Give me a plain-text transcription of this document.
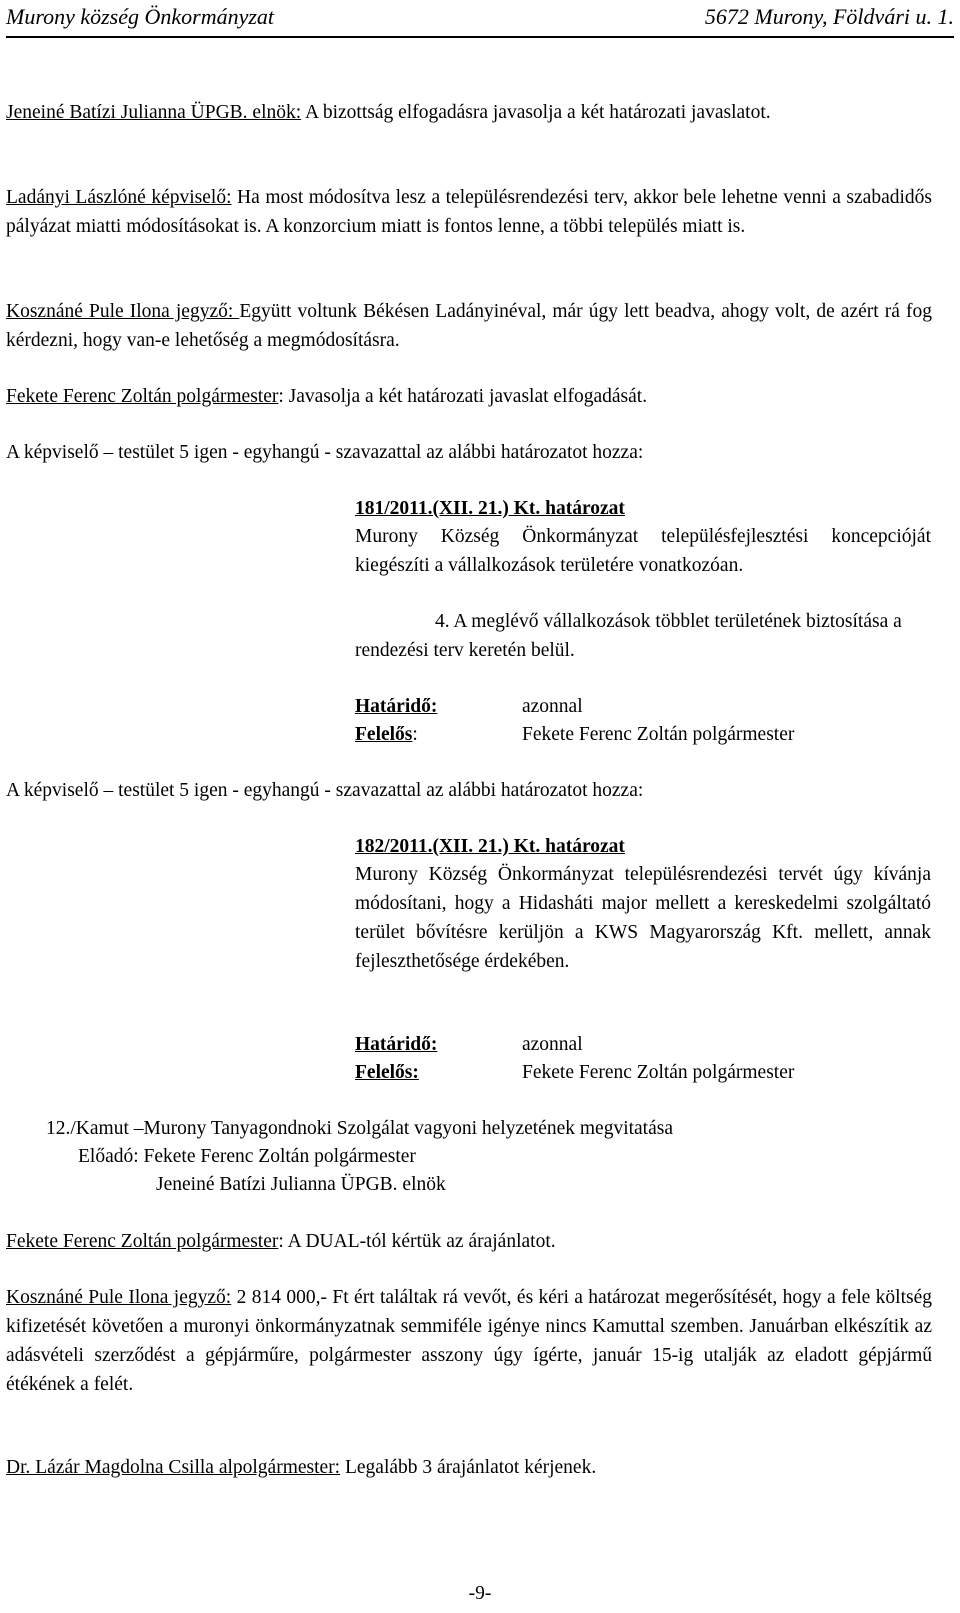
Murony község Önkormányzat	5672 Murony, Földvári u. 1.
Jeneiné Batízi Julianna ÜPGB. elnök: A bizottság elfogadásra javasolja a két határozati javaslatot.
Ladányi Lászlóné képviselő: Ha most módosítva lesz a településrendezési terv, akkor bele lehetne venni a szabadidős pályázat miatti módosításokat is. A konzorcium miatt is fontos lenne, a többi település miatt is.
Kosznáné Pule Ilona jegyző: Együtt voltunk Békésen Ladányinéval, már úgy lett beadva, ahogy volt, de azért rá fog kérdezni, hogy van-e lehetőség a megmódosításra.
Fekete Ferenc Zoltán polgármester: Javasolja a két határozati javaslat elfogadását.
A képviselő – testület 5 igen - egyhangú - szavazattal az alábbi határozatot hozza:
181/2011.(XII. 21.) Kt. határozat
Murony Község Önkormányzat településfejlesztési koncepcióját kiegészíti a vállalkozások területére vonatkozóan.
4. A meglévő vállalkozások többlet területének biztosítása a rendezési terv keretén belül.
Határidő:	azonnal
Felelős:	Fekete Ferenc Zoltán polgármester
A képviselő – testület 5 igen - egyhangú - szavazattal az alábbi határozatot hozza:
182/2011.(XII. 21.) Kt. határozat
Murony Község Önkormányzat településrendezési tervét úgy kívánja módosítani, hogy a Hidasháti major mellett a kereskedelmi szolgáltató terület bővítésre kerüljön a KWS Magyarország Kft. mellett, annak fejleszthetősége érdekében.
Határidő:	azonnal
Felelős:	Fekete Ferenc Zoltán polgármester
12./Kamut –Murony Tanyagondnoki Szolgálat vagyoni helyzetének megvitatása
Előadó: Fekete Ferenc Zoltán polgármester
Jeneiné Batízi Julianna ÜPGB. elnök
Fekete Ferenc Zoltán polgármester: A DUAL-tól kértük az árajánlatot.
Kosznáné Pule Ilona jegyző: 2 814 000,- Ft ért találtak rá vevőt, és kéri a határozat megerősítését, hogy a fele költség kifizetését követően a muronyi önkormányzatnak semmiféle igénye nincs Kamuttal szemben. Januárban elkészítik az adásvételi szerződést a gépjárműre, polgármester asszony úgy ígérte, január 15-ig utalják az eladott gépjármű étékének a felét.
Dr. Lázár Magdolna Csilla alpolgármester: Legalább 3 árajánlatot kérjenek.
-9-
